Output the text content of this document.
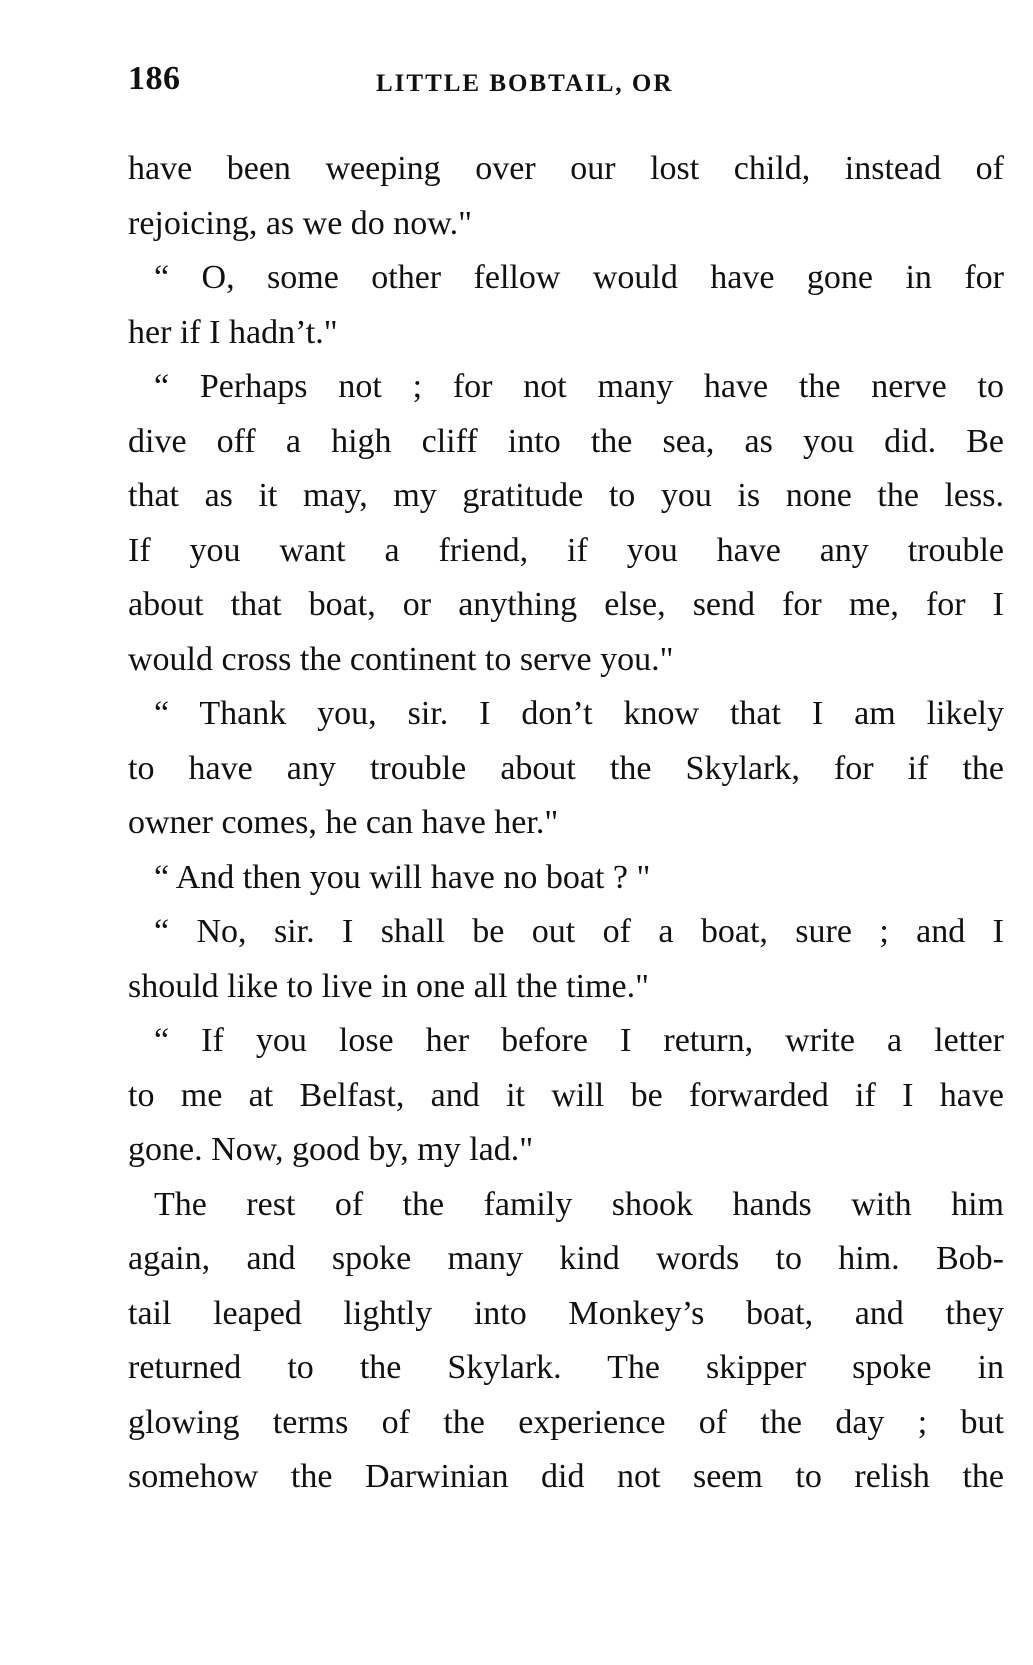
186	LITTLE BOBTAIL, OR
have been weeping over our lost child, instead of
rejoicing, as we do now."
“ O, some other fellow would have gone in for
her if I hadn’t."
“ Perhaps not ; for not many have the nerve to
dive off a high cliff into the sea, as you did. Be
that as it may, my gratitude to you is none the less.
If you want a friend, if you have any trouble
about that boat, or anything else, send for me, for I
would cross the continent to serve you."
“ Thank you, sir. I don’t know that I am likely
to have any trouble about the Skylark, for if the
owner comes, he can have her."
“ And then you will have no boat ? "
“ No, sir. I shall be out of a boat, sure ; and I
should like to live in one all the time."
“ If you lose her before I return, write a letter
to me at Belfast, and it will be forwarded if I have
gone. Now, good by, my lad."
The rest of the family shook hands with him
again, and spoke many kind words to him. Bob-
tail leaped lightly into Monkey’s boat, and they
returned to the Skylark. The skipper spoke in
glowing terms of the experience of the day ; but
somehow the Darwinian did not seem to relish the
